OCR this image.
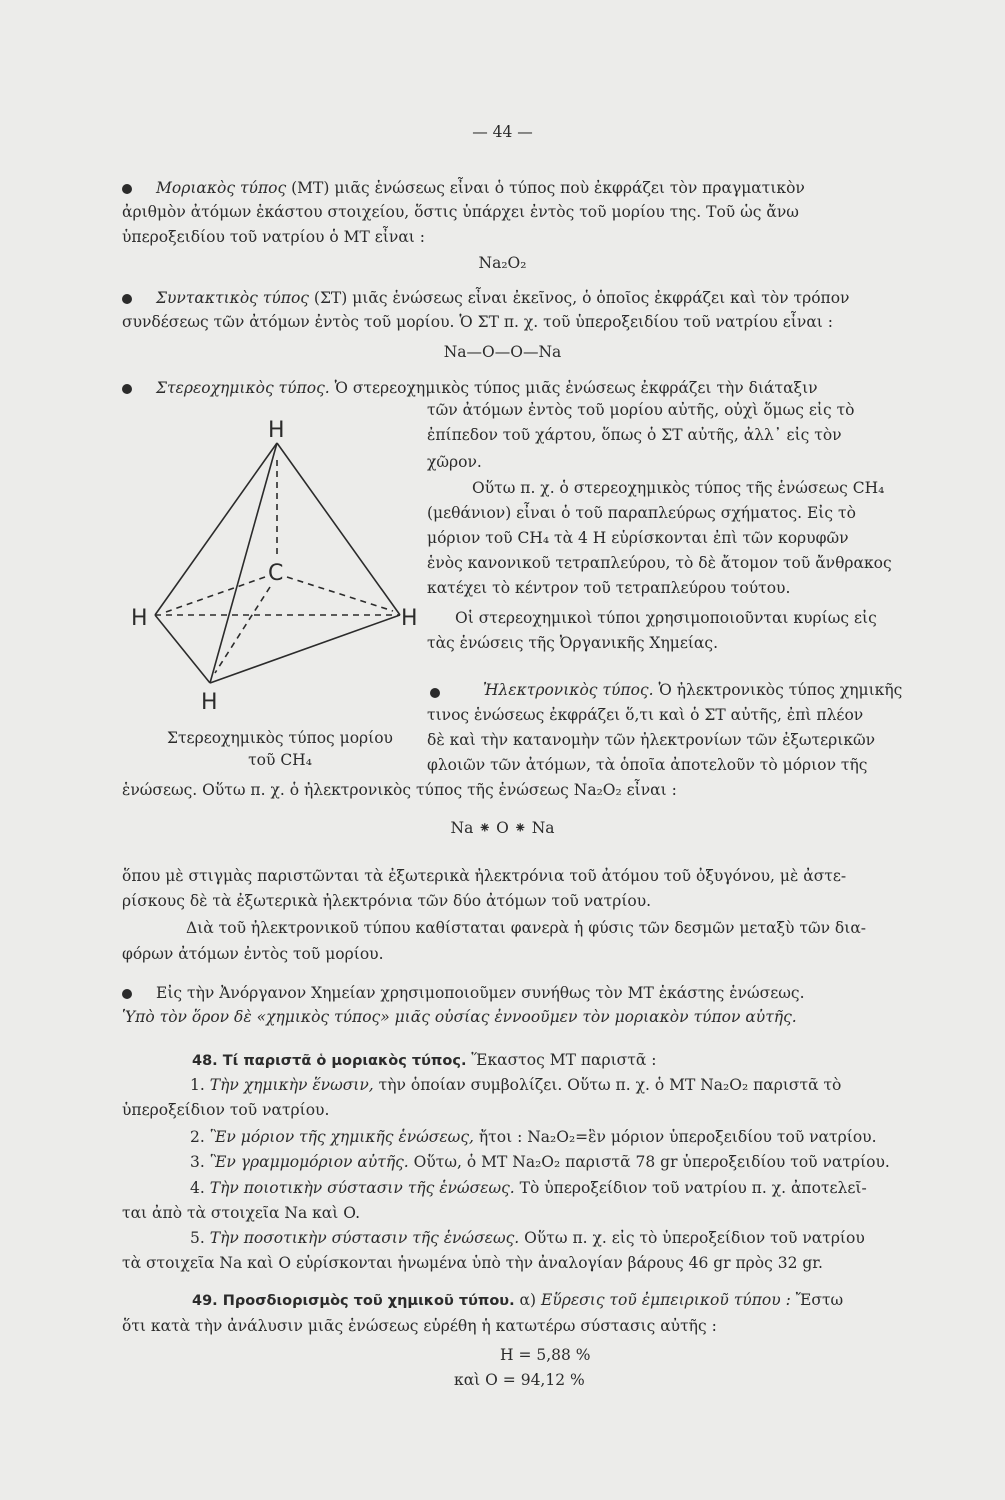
— 44 —
Μοριακὸς τύπος (ΜΤ) μιᾶς ἑνώσεως εἶναι ὁ τύπος ποὺ ἐκφράζει τὸν πραγματικὸν
ἀριθμὸν ἀτόμων ἑκάστου στοιχείου, ὅστις ὑπάρχει ἐντὸς τοῦ μορίου της. Τοῦ ὡς ἄνω
ὑπεροξειδίου τοῦ νατρίου ὁ ΜΤ εἶναι :
Na₂O₂
Συντακτικὸς τύπος (ΣΤ) μιᾶς ἑνώσεως εἶναι ἐκεῖνος, ὁ ὁποῖος ἐκφράζει καὶ τὸν τρόπον
συνδέσεως τῶν ἀτόμων ἐντὸς τοῦ μορίου. Ὁ ΣΤ π. χ. τοῦ ὑπεροξειδίου τοῦ νατρίου εἶναι :
Na—O—O—Na
Στερεοχημικὸς τύπος. Ὁ στερεοχημικὸς τύπος μιᾶς ἑνώσεως ἐκφράζει τὴν διάταξιν
τῶν ἀτόμων ἐντὸς τοῦ μορίου αὐτῆς, οὐχὶ ὅμως εἰς τὸ
ἐπίπεδον τοῦ χάρτου, ὅπως ὁ ΣΤ αὐτῆς, ἀλλ᾽ εἰς τὸν
χῶρον.
Οὕτω π. χ. ὁ στερεοχημικὸς τύπος τῆς ἑνώσεως CH₄
(μεθάνιον) εἶναι ὁ τοῦ παραπλεύρως σχήματος. Εἰς τὸ
μόριον τοῦ CH₄ τὰ 4 H εὑρίσκονται ἐπὶ τῶν κορυφῶν
ἑνὸς κανονικοῦ τετραπλεύρου, τὸ δὲ ἄτομον τοῦ ἄνθρακος
κατέχει τὸ κέντρον τοῦ τετραπλεύρου τούτου.
Οἱ στερεοχημικοὶ τύποι χρησιμοποιοῦνται κυρίως εἰς
τὰς ἑνώσεις τῆς Ὀργανικῆς Χημείας.
H
C
H	H
H
Στερεοχημικὸς τύπος μορίου
τοῦ CH₄
Ἠλεκτρονικὸς τύπος. Ὁ ἠλεκτρονικὸς τύπος χημικῆς
τινος ἑνώσεως ἐκφράζει ὅ,τι καὶ ὁ ΣΤ αὐτῆς, ἐπὶ πλέον
δὲ καὶ τὴν κατανομὴν τῶν ἠλεκτρονίων τῶν ἐξωτερικῶν
φλοιῶν τῶν ἀτόμων, τὰ ὁποῖα ἀποτελοῦν τὸ μόριον τῆς
ἑνώσεως. Οὕτω π. χ. ὁ ἠλεκτρονικὸς τύπος τῆς ἑνώσεως Na₂O₂ εἶναι :
Na ⁕ O ⁕ Na
ὅπου μὲ στιγμὰς παριστῶνται τὰ ἐξωτερικὰ ἠλεκτρόνια τοῦ ἀτόμου τοῦ ὀξυγόνου, μὲ ἀστε-
ρίσκους δὲ τὰ ἐξωτερικὰ ἠλεκτρόνια τῶν δύο ἀτόμων τοῦ νατρίου.
Διὰ τοῦ ἠλεκτρονικοῦ τύπου καθίσταται φανερὰ ἡ φύσις τῶν δεσμῶν μεταξὺ τῶν δια-
φόρων ἀτόμων ἐντὸς τοῦ μορίου.
Εἰς τὴν Ἀνόργανον Χημείαν χρησιμοποιοῦμεν συνήθως τὸν ΜΤ ἑκάστης ἑνώσεως.
Ὑπὸ τὸν ὅρον δὲ «χημικὸς τύπος» μιᾶς οὐσίας ἐννοοῦμεν τὸν μοριακὸν τύπον αὐτῆς.
48. Τί παριστᾶ ὁ μοριακὸς τύπος. Ἕκαστος ΜΤ παριστᾶ :
1. Τὴν χημικὴν ἕνωσιν, τὴν ὁποίαν συμβολίζει. Οὕτω π. χ. ὁ ΜΤ Na₂O₂ παριστᾶ τὸ
ὑπεροξείδιον τοῦ νατρίου.
2. Ἓν μόριον τῆς χημικῆς ἑνώσεως, ἤτοι : Na₂O₂=ἓν μόριον ὑπεροξειδίου τοῦ νατρίου.
3. Ἓν γραμμομόριον αὐτῆς. Οὕτω, ὁ ΜΤ Na₂O₂ παριστᾶ 78 gr ὑπεροξειδίου τοῦ νατρίου.
4. Τὴν ποιοτικὴν σύστασιν τῆς ἑνώσεως. Τὸ ὑπεροξείδιον τοῦ νατρίου π. χ. ἀποτελεῖ-
ται ἀπὸ τὰ στοιχεῖα Na καὶ O.
5. Τὴν ποσοτικὴν σύστασιν τῆς ἑνώσεως. Οὕτω π. χ. εἰς τὸ ὑπεροξείδιον τοῦ νατρίου
τὰ στοιχεῖα Na καὶ O εὑρίσκονται ἡνωμένα ὑπὸ τὴν ἀναλογίαν βάρους 46 gr πρὸς 32 gr.
49. Προσδιορισμὸς τοῦ χημικοῦ τύπου. α) Εὕρεσις τοῦ ἐμπειρικοῦ τύπου : Ἔστω
ὅτι κατὰ τὴν ἀνάλυσιν μιᾶς ἑνώσεως εὑρέθη ἡ κατωτέρω σύστασις αὐτῆς :
H = 5,88 %
καὶ O = 94,12 %
